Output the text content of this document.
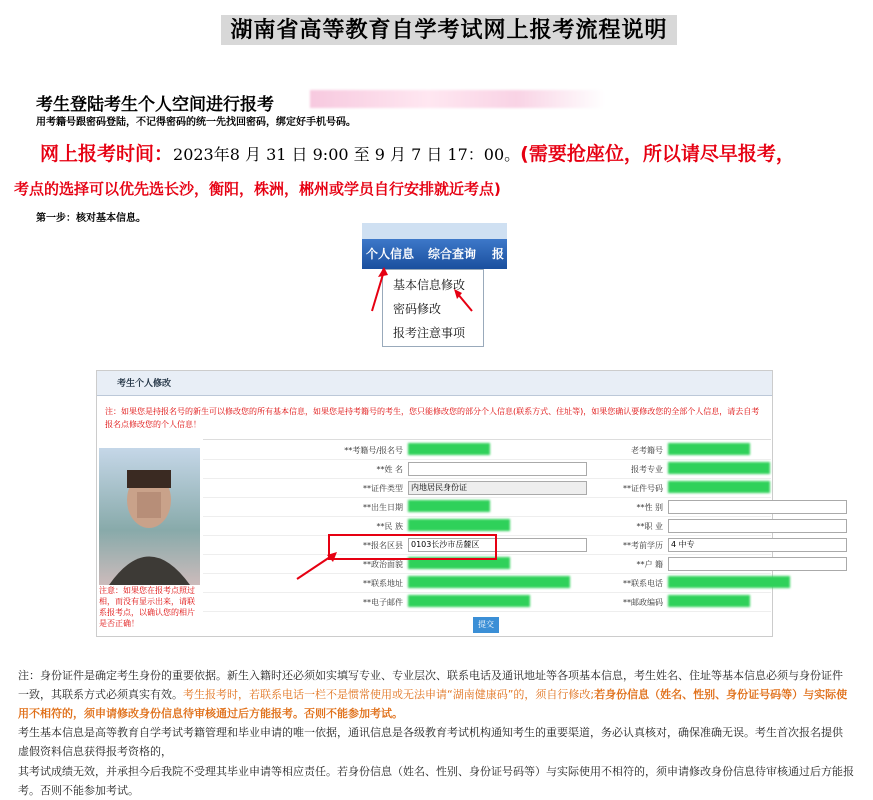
湖南省高等教育自学考试网上报考流程说明
考生登陆考生个人空间进行报考
用考籍号跟密码登陆，不记得密码的统一先找回密码，绑定好手机号码。
网上报考时间：2023年8 月 31 日 9:00 至 9 月 7 日 17：00。(需要抢座位，所以请尽早报考，
考点的选择可以优先选长沙，衡阳，株洲，郴州或学员自行安排就近考点)
第一步：核对基本信息。
个人信息 综合查询 报
基本信息修改
密码修改
报考注意事项
考生个人修改
注：如果您是持报名号的新生可以修改您的所有基本信息，如果您是持考籍号的考生，您只能修改您的部分个人信息(联系方式、住址等)，如果您确认要修改您的全部个人信息，请去自考报名点修改您的个人信息！
注意：如果您在报考点照过相，而没有显示出来，请联系报考点，以确认您的相片是否正确！
**考籍号/报名号	老考籍号
**姓 名	报考专业
**证件类型	内地居民身份证	**证件号码
**出生日期	**性 别
**民 族	**职 业
**报名区县	0103长沙市岳麓区	**考前学历	4 中专
**政治面貌	**户 籍
**联系地址	**联系电话
**电子邮件	**邮政编码
提交
注：身份证件是确定考生身份的重要依据。新生入籍时还必须如实填写专业、专业层次、联系电话及通讯地址等各项基本信息，考生姓名、住址等基本信息必须与身份证件一致，其联系方式必须真实有效。考生报考时，若联系电话一栏不是惯常使用或无法申请“湖南健康码”的，须自行修改;若身份信息（姓名、性别、身份证号码等）与实际使用不相符的，须申请修改身份信息待审核通过后方能报考。否则不能参加考试。
考生基本信息是高等教育自学考试考籍管理和毕业申请的唯一依据，通讯信息是各级教育考试机构通知考生的重要渠道，务必认真核对，确保准确无误。考生首次报名提供虚假资料信息获得报考资格的，
其考试成绩无效，并承担今后我院不受理其毕业申请等相应责任。若身份信息（姓名、性别、身份证号码等）与实际使用不相符的，须申请修改身份信息待审核通过后方能报考。否则不能参加考试。
